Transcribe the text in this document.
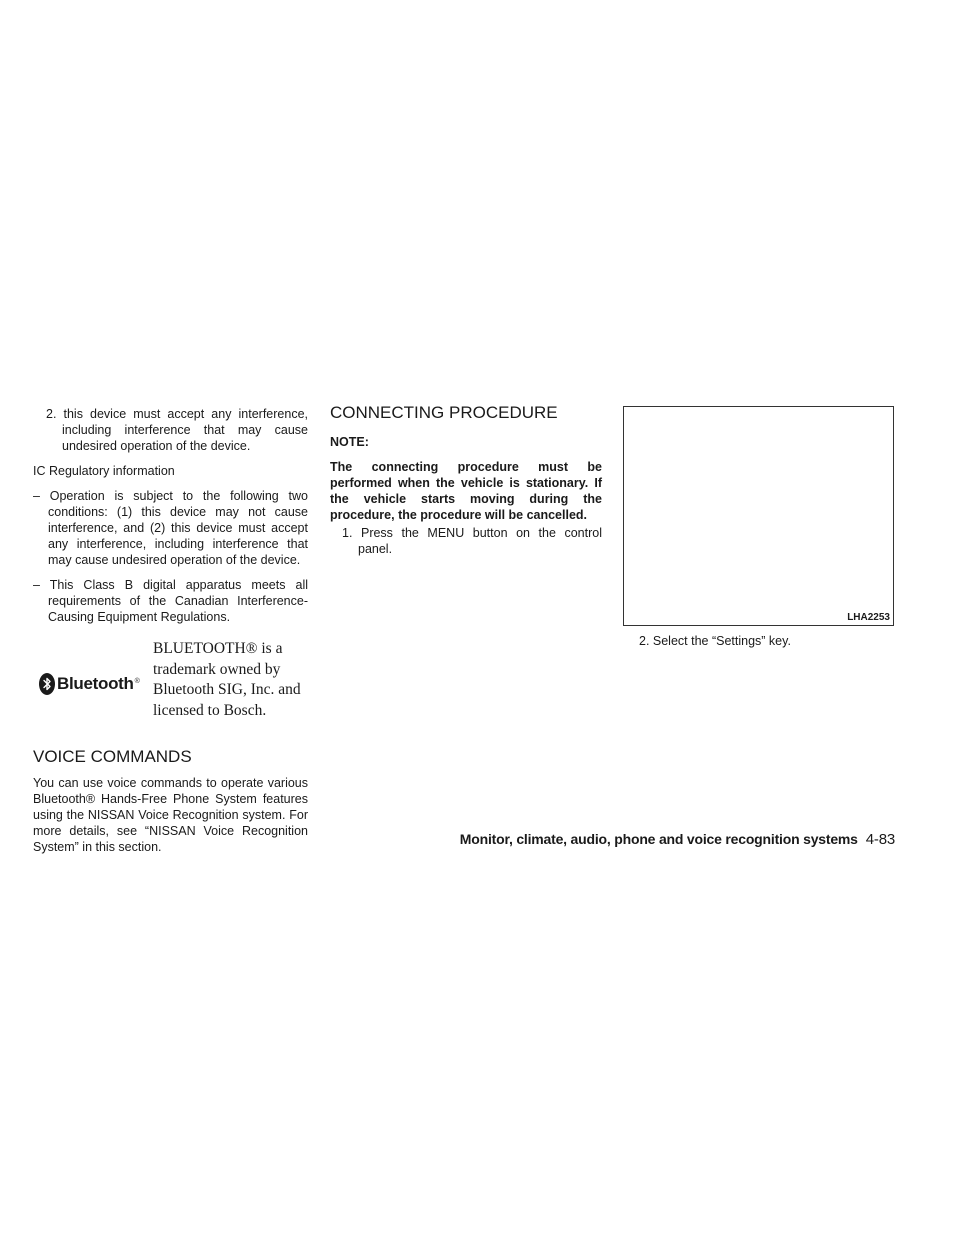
2. this device must accept any interference, including interference that may cause undesired operation of the device.

IC Regulatory information

– Operation is subject to the following two conditions: (1) this device may not cause interference, and (2) this device must accept any interference, including interference that may cause undesired operation of the device.

– This Class B digital apparatus meets all requirements of the Canadian Interference-Causing Equipment Regulations.

Bluetooth ®
BLUETOOTH® is a trademark owned by Bluetooth SIG, Inc. and licensed to Bosch.
VOICE COMMANDS

You can use voice commands to operate various Bluetooth® Hands-Free Phone System features using the NISSAN Voice Recognition system. For more details, see “NISSAN Voice Recognition System” in this section.

CONNECTING PROCEDURE

NOTE:

The connecting procedure must be performed when the vehicle is stationary. If the vehicle starts moving during the procedure, the procedure will be cancelled.

1. Press the MENU button on the control panel.

LHA2253

2. Select the “Settings” key.

Monitor, climate, audio, phone and voice recognition systems 4-83
